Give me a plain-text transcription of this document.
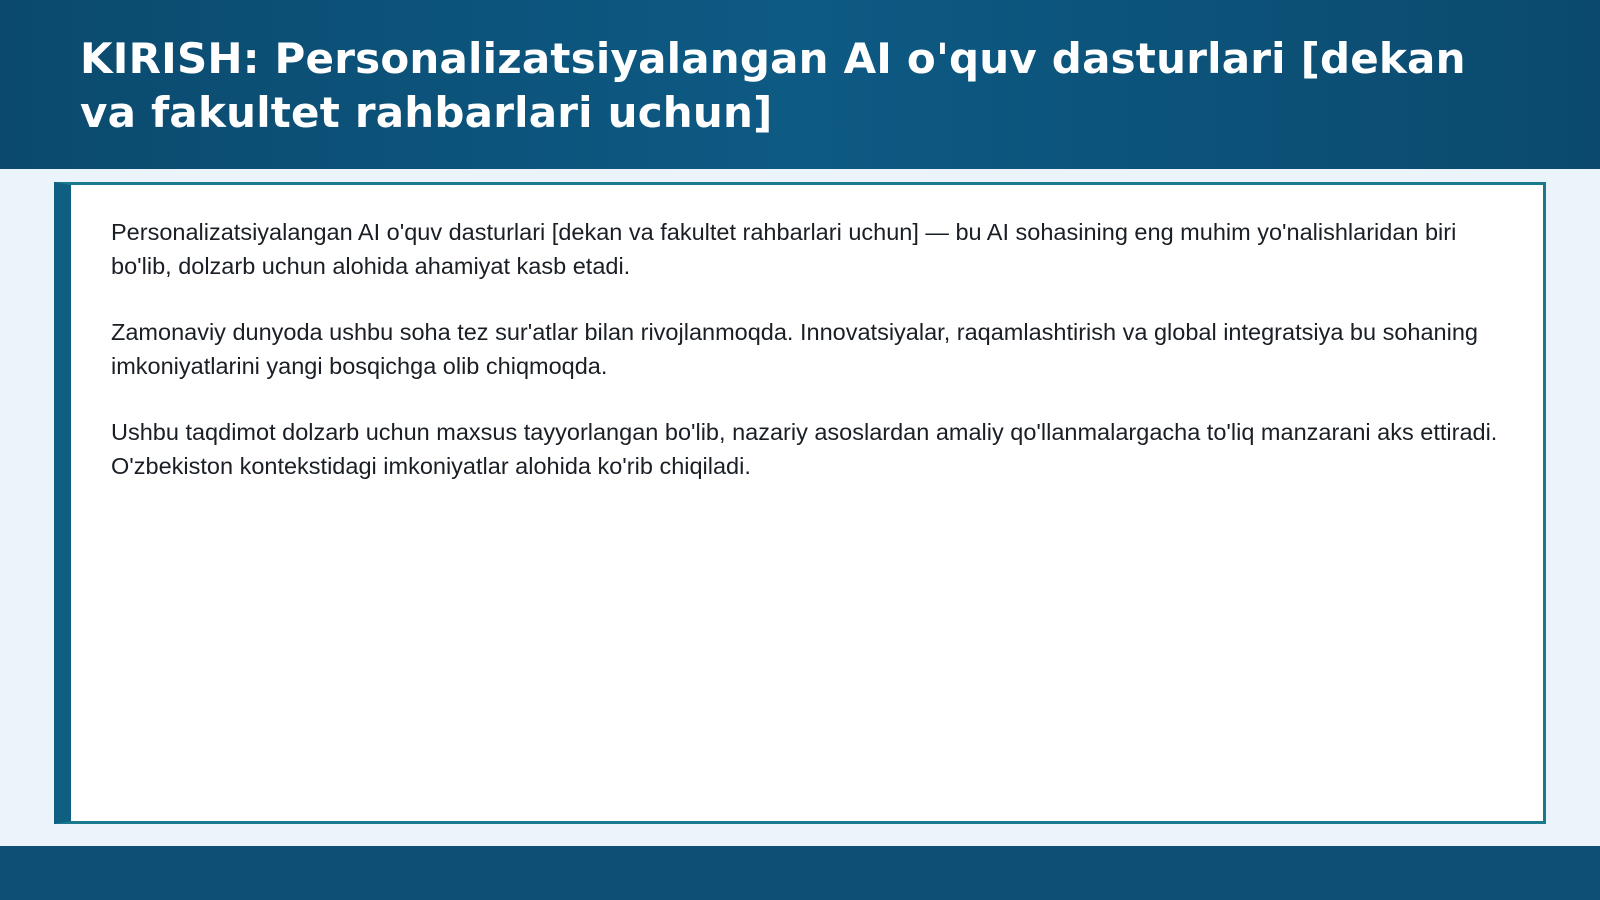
KIRISH: Personalizatsiyalangan AI o'quv dasturlari [dekan va fakultet rahbarlari uchun]

Personalizatsiyalangan AI o'quv dasturlari [dekan va fakultet rahbarlari uchun] — bu AI sohasining eng muhim yo'nalishlaridan biri bo'lib, dolzarb uchun alohida ahamiyat kasb etadi.

Zamonaviy dunyoda ushbu soha tez sur'atlar bilan rivojlanmoqda. Innovatsiyalar, raqamlashtirish va global integratsiya bu sohaning imkoniyatlarini yangi bosqichga olib chiqmoqda.

Ushbu taqdimot dolzarb uchun maxsus tayyorlangan bo'lib, nazariy asoslardan amaliy qo'llanmalargacha to'liq manzarani aks ettiradi. O'zbekiston kontekstidagi imkoniyatlar alohida ko'rib chiqiladi.
